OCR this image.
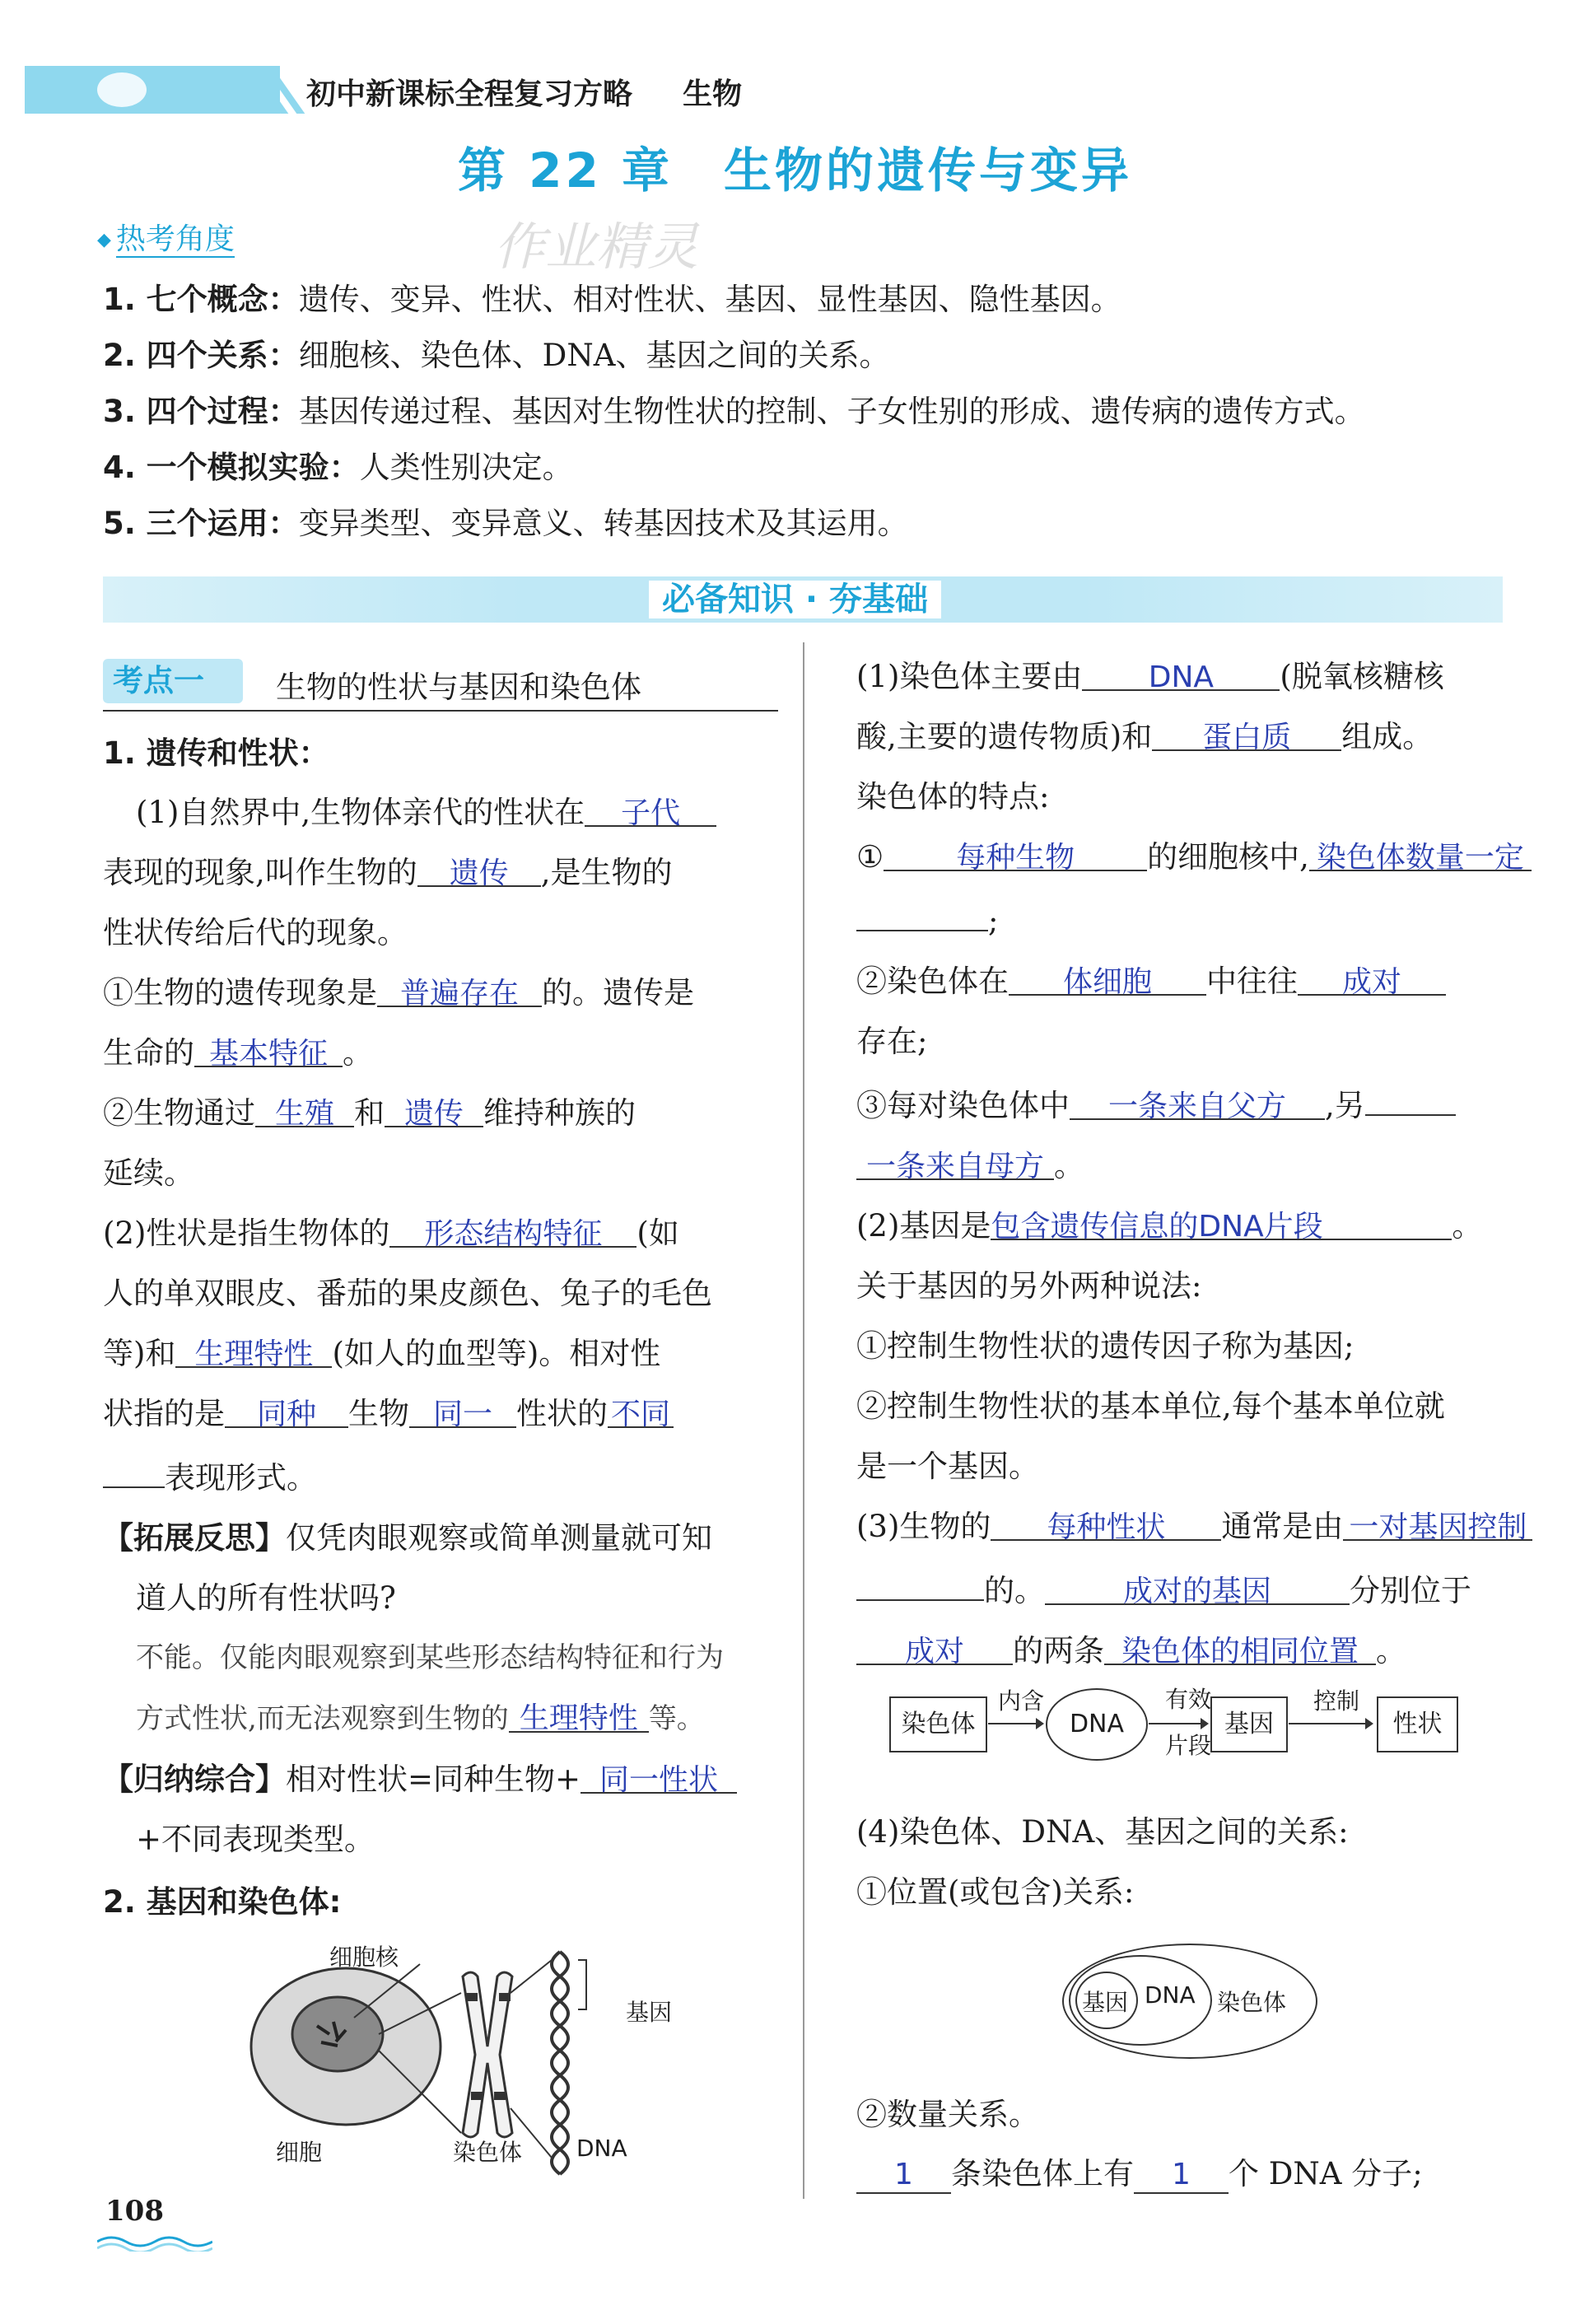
初中新课标全程复习方略 生物
第 22 章　生物的遗传与变异
作业精灵
◆ 热考角度
1. 七个概念：遗传、变异、性状、相对性状、基因、显性基因、隐性基因。
2. 四个关系：细胞核、染色体、DNA、基因之间的关系。
3. 四个过程：基因传递过程、基因对生物性状的控制、子女性别的形成、遗传病的遗传方式。
4. 一个模拟实验：人类性别决定。
5. 三个运用：变异类型、变异意义、转基因技术及其运用。
必备知识 · 夯基础
考点一	生物的性状与基因和染色体
1. 遗传和性状：
(1)自然界中,生物体亲代的性状在 子代
表现的现象,叫作生物的 遗传 ,是生物的
性状传给后代的现象。
①生物的遗传现象是 普遍存在 的。遗传是
生命的 基本特征 。
②生物通过 生殖 和 遗传 维持种族的
延续。
(2)性状是指生物体的 形态结构特征 (如
人的单双眼皮、番茄的果皮颜色、兔子的毛色
等)和 生理特性 (如人的血型等)。相对性
状指的是 同种 生物 同一 性状的 不同
表现形式。
【拓展反思】仅凭肉眼观察或简单测量就可知
道人的所有性状吗?
不能。仅能肉眼观察到某些形态结构特征和行为
方式性状,而无法观察到生物的 生理特性 等。
【归纳综合】相对性状=同种生物+ 同一性状
+不同表现类型。
2. 基因和染色体:
细胞核
基因
细胞	染色体 DNA
(1)染色体主要由 DNA (脱氧核糖核
酸,主要的遗传物质)和 蛋白质 组成。
染色体的特点:
① 每种生物 的细胞核中, 染色体数量一定
;
②染色体在 体细胞 中往往 成对
存在;
③每对染色体中 一条来自父方 ,另
一条来自母方 。
(2)基因是包含遗传信息的DNA片段	。
关于基因的另外两种说法:
①控制生物性状的遗传因子称为基因;
②控制生物性状的基本单位,每个基本单位就
是一个基因。
(3)生物的 每种性状 通常是由 一对基因控制
的。	成对的基因	分别位于
成对 的两条 染色体的相同位置 。
染色体
内含
DNA
有效
片段
基因
控制
性状
(4)染色体、DNA、基因之间的关系:
①位置(或包含)关系:
基因 DNA 染色体
②数量关系。
1 条染色体上有 1 个 DNA 分子;
108
